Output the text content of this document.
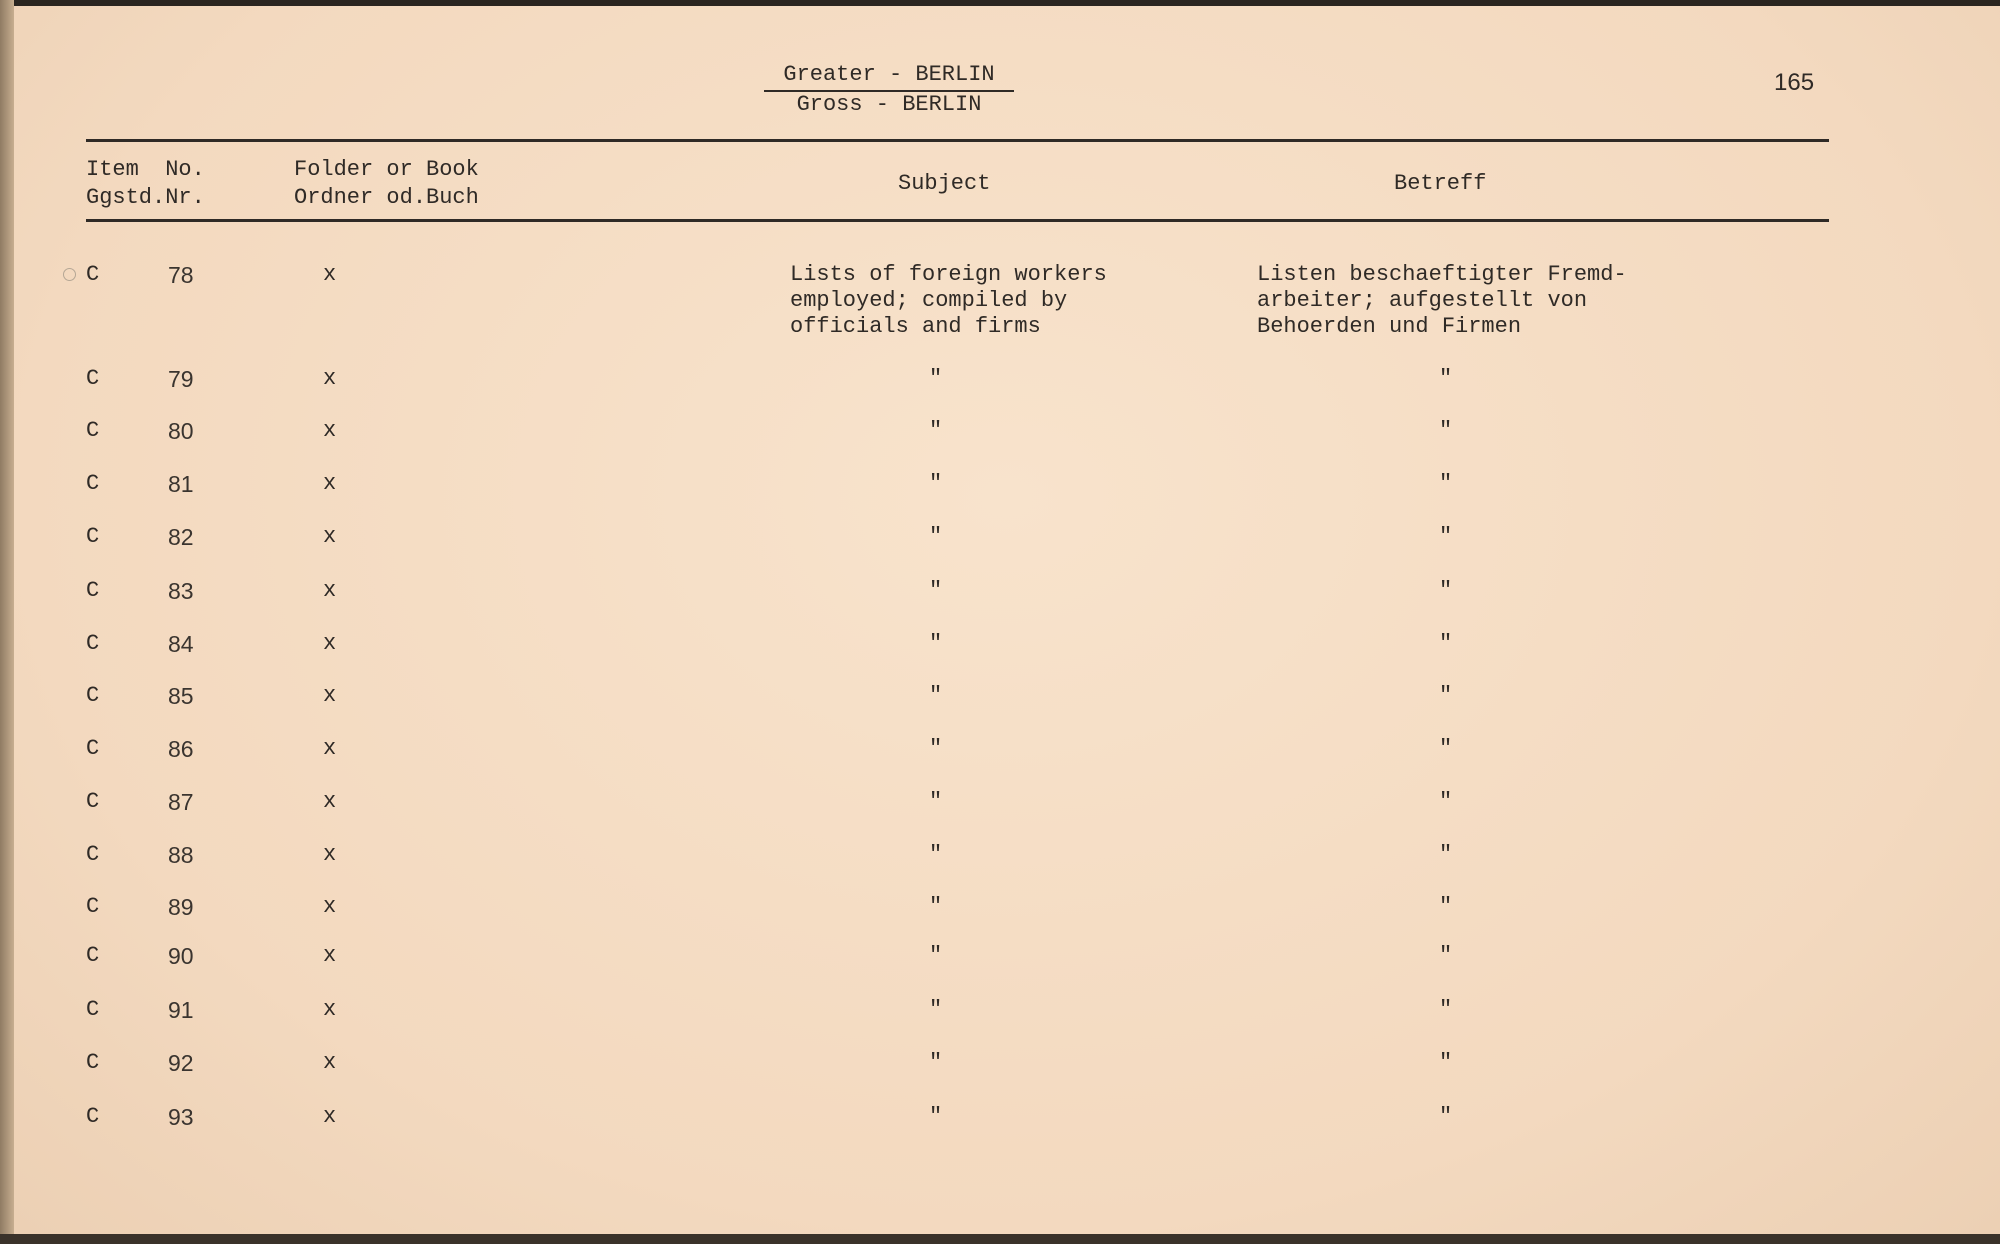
Greater - BERLIN
Gross - BERLIN
165
Item No.
Ggstd.Nr.
Folder or Book
Ordner od.Buch
Subject	Betreff
C	78	x	Lists of foreign workers
employed; compiled by
officials and firms
Listen beschaeftigter Fremd-
arbeiter; aufgestellt von
Behoerden und Firmen
C	79	x	"	"
C	80	x	"	"
C	81	x	"	"
C	82	x	"	"
C	83	x	"	"
C	84	x	"	"
C	85	x	"	"
C	86	x	"	"
C	87	x	"	"
C	88	x	"	"
C	89	x	"	"
C	90	x	"	"
C	91	x	"	"
C	92	x	"	"
C	93	x	"	"
